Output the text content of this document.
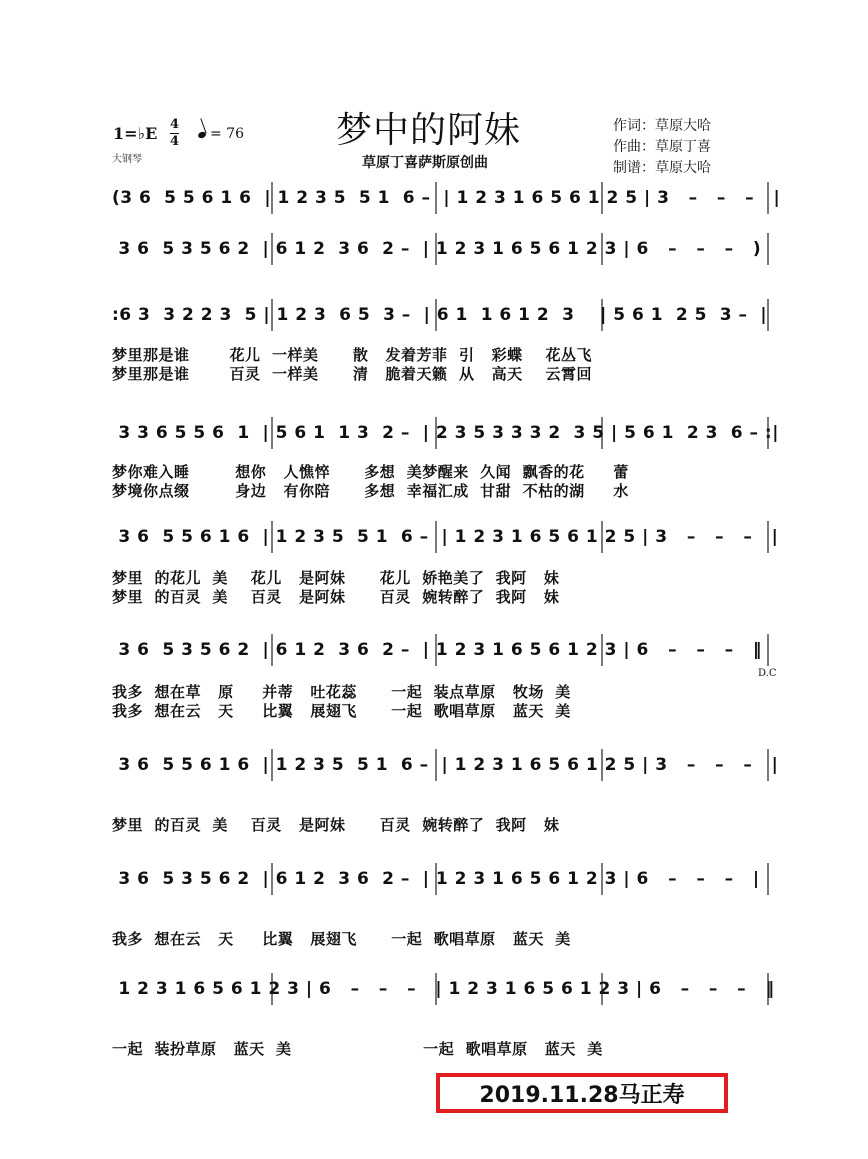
1=♭E 4
4	= 76
大钢琴
梦中的阿妹
草原丁喜萨斯原创曲
作词：草原大哈
作曲：草原丁喜
制谱：草原大哈
(3 6  5 5 6 1 6  | 1 2 3 5  5 1  6 –  | 1 2 3 1 6 5 6 1 2 5 | 3   –   –   –   |
3 6  5 3 5 6 2  | 6 1 2  3 6  2 –  | 1 2 3 1 6 5 6 1 2 3 | 6   –   –   –   )
:6 3  3 2 2 3  5 | 1 2 3  6 5  3 –  | 6 1  1 6 1 2  3    | 5 6 1  2 5  3 –  |
梦里那是谁       花儿  一样美      散   发着芳菲  引   彩蝶    花丛飞
梦里那是谁       百灵  一样美      清   脆着天籁  从   高天    云霄回
3 3 6 5 5 6  1  | 5 6 1  1 3  2 –  | 2 3 5 3 3 3 2  3 5 | 5 6 1  2 3  6 – :|
梦你难入睡        想你   人憔悴      多想  美梦醒来  久闻  飘香的花     蕾
梦境你点缀        身边   有你陪      多想  幸福汇成  甘甜  不枯的湖     水
3 6  5 5 6 1 6  | 1 2 3 5  5 1  6 –  | 1 2 3 1 6 5 6 1 2 5 | 3   –   –   –   |
梦里  的花儿  美    花儿   是阿妹      花儿  娇艳美了  我阿   妹
梦里  的百灵  美    百灵   是阿妹      百灵  婉转醉了  我阿   妹
3 6  5 3 5 6 2  | 6 1 2  3 6  2 –  | 1 2 3 1 6 5 6 1 2 3 | 6   –   –   –   ‖
我多  想在草   原     并蒂   吐花蕊      一起  装点草原   牧场  美
我多  想在云   天     比翼   展翅飞      一起  歌唱草原   蓝天  美
3 6  5 5 6 1 6  | 1 2 3 5  5 1  6 –  | 1 2 3 1 6 5 6 1 2 5 | 3   –   –   –   |
梦里  的百灵  美    百灵   是阿妹      百灵  婉转醉了  我阿   妹
3 6  5 3 5 6 2  | 6 1 2  3 6  2 –  | 1 2 3 1 6 5 6 1 2 3 | 6   –   –   –   |
我多  想在云   天     比翼   展翅飞      一起  歌唱草原   蓝天  美
1 2 3 1 6 5 6 1 2 3 | 6   –   –   –   | 1 2 3 1 6 5 6 1 2 3 | 6   –   –   –   ‖
一起  装扮草原   蓝天  美                       一起  歌唱草原   蓝天  美
D.C
2019.11.28马正寿
